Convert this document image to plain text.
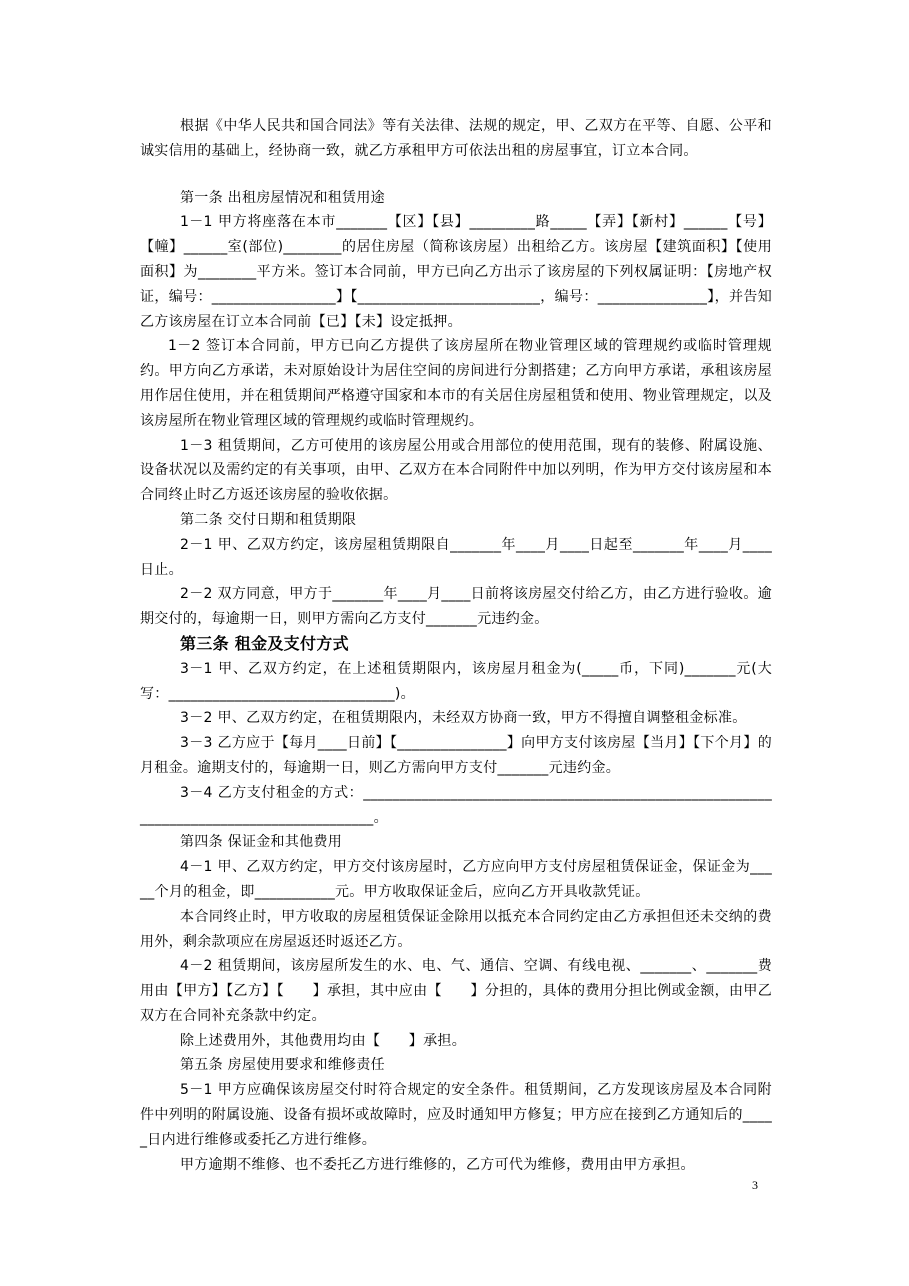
根据《中华人民共和国合同法》等有关法律、法规的规定，甲、乙双方在平等、自愿、公平和诚实信用的基础上，经协商一致，就乙方承租甲方可依法出租的房屋事宜，订立本合同。

第一条 出租房屋情况和租赁用途

1－1 甲方将座落在本市_______【区】【县】_________路_____【弄】【新村】______【号】【幢】______室(部位)________的居住房屋（简称该房屋）出租给乙方。该房屋【建筑面积】【使用面积】为________平方米。签订本合同前，甲方已向乙方出示了该房屋的下列权属证明：【房地产权证，编号：_________________】【_________________________，编号：_______________】，并告知乙方该房屋在订立本合同前【已】【未】设定抵押。

1－2 签订本合同前，甲方已向乙方提供了该房屋所在物业管理区域的管理规约或临时管理规约。甲方向乙方承诺，未对原始设计为居住空间的房间进行分割搭建；乙方向甲方承诺，承租该房屋用作居住使用，并在租赁期间严格遵守国家和本市的有关居住房屋租赁和使用、物业管理规定，以及该房屋所在物业管理区域的管理规约或临时管理规约。

1－3 租赁期间，乙方可使用的该房屋公用或合用部位的使用范围，现有的装修、附属设施、设备状况以及需约定的有关事项，由甲、乙双方在本合同附件中加以列明，作为甲方交付该房屋和本合同终止时乙方返还该房屋的验收依据。

第二条 交付日期和租赁期限

2－1 甲、乙双方约定，该房屋租赁期限自_______年____月____日起至_______年____月____日止。

2－2 双方同意，甲方于_______年____月____日前将该房屋交付给乙方，由乙方进行验收。逾期交付的，每逾期一日，则甲方需向乙方支付_______元违约金。

第三条 租金及支付方式

3－1 甲、乙双方约定，在上述租赁期限内，该房屋月租金为(_____币，下同)_______元(大写：_______________________________)。

3－2 甲、乙双方约定，在租赁期限内，未经双方协商一致，甲方不得擅自调整租金标准。

3－3 乙方应于【每月____日前】【_______________】向甲方支付该房屋【当月】【下个月】的月租金。逾期支付的，每逾期一日，则乙方需向甲方支付_______元违约金。

3－4 乙方支付租金的方式：________________________________________________________________________________________。

第四条 保证金和其他费用

4－1 甲、乙双方约定，甲方交付该房屋时，乙方应向甲方支付房屋租赁保证金，保证金为_____个月的租金，即___________元。甲方收取保证金后，应向乙方开具收款凭证。

本合同终止时，甲方收取的房屋租赁保证金除用以抵充本合同约定由乙方承担但还未交纳的费用外，剩余款项应在房屋返还时返还乙方。

4－2 租赁期间，该房屋所发生的水、电、气、通信、空调、有线电视、_______、_______费用由【甲方】【乙方】【　　】承担，其中应由【　　】分担的，具体的费用分担比例或金额，由甲乙双方在合同补充条款中约定。

除上述费用外，其他费用均由【　　】承担。

第五条 房屋使用要求和维修责任

5－1 甲方应确保该房屋交付时符合规定的安全条件。租赁期间，乙方发现该房屋及本合同附件中列明的附属设施、设备有损坏或故障时，应及时通知甲方修复；甲方应在接到乙方通知后的_____日内进行维修或委托乙方进行维修。

甲方逾期不维修、也不委托乙方进行维修的，乙方可代为维修，费用由甲方承担。

3
